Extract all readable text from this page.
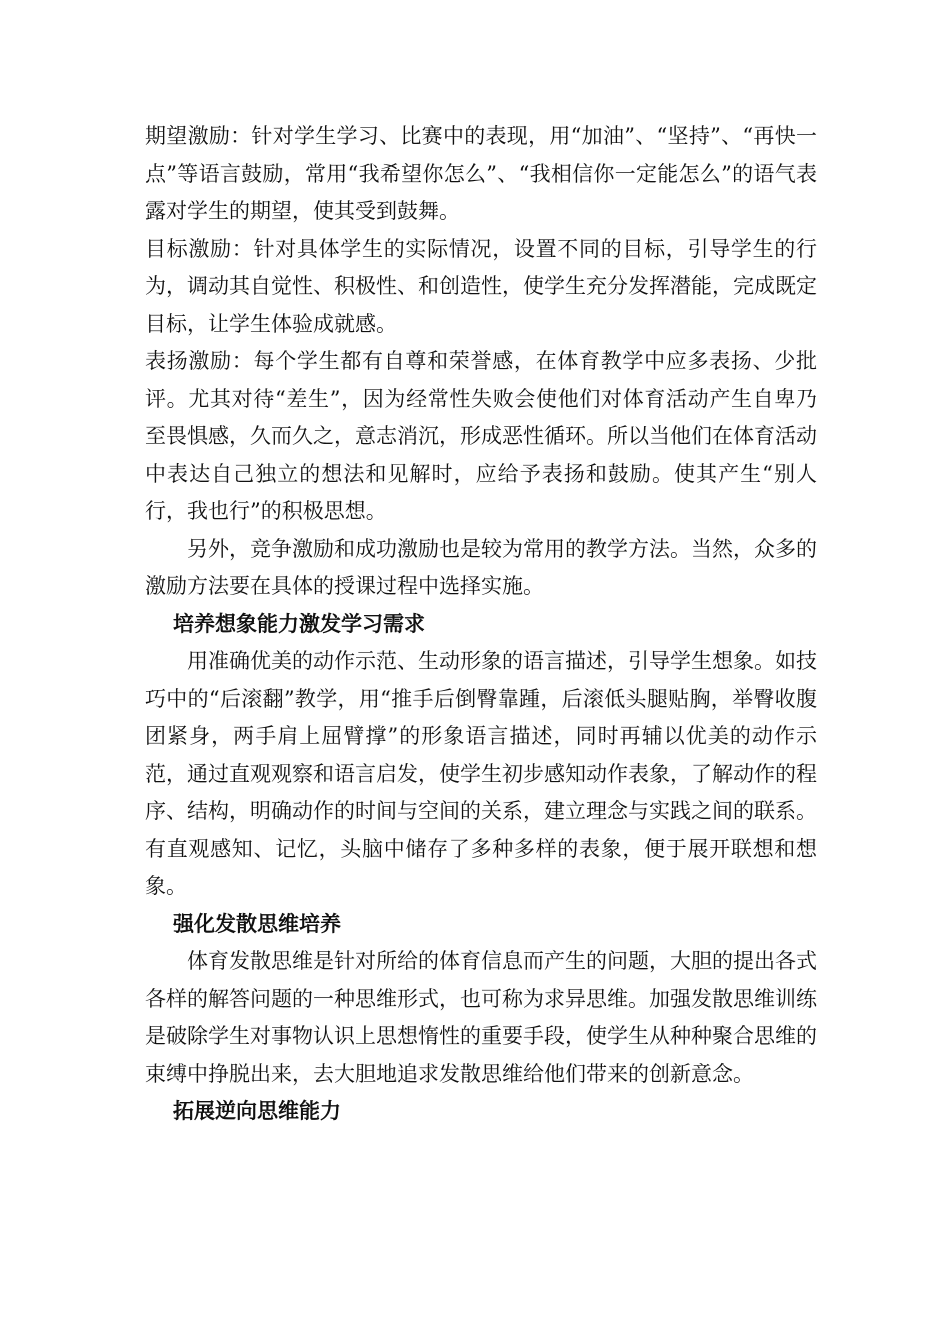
期望激励：针对学生学习、比赛中的表现，用“加油”、“坚持”、“再快一点”等语言鼓励，常用“我希望你怎么”、“我相信你一定能怎么”的语气表露对学生的期望，使其受到鼓舞。

目标激励：针对具体学生的实际情况，设置不同的目标，引导学生的行为，调动其自觉性、积极性、和创造性，使学生充分发挥潜能，完成既定目标，让学生体验成就感。

表扬激励：每个学生都有自尊和荣誉感，在体育教学中应多表扬、少批评。尤其对待“差生”，因为经常性失败会使他们对体育活动产生自卑乃至畏惧感，久而久之，意志消沉，形成恶性循环。所以当他们在体育活动中表达自己独立的想法和见解时，应给予表扬和鼓励。使其产生“别人行，我也行”的积极思想。

另外，竞争激励和成功激励也是较为常用的教学方法。当然，众多的激励方法要在具体的授课过程中选择实施。

培养想象能力激发学习需求

用准确优美的动作示范、生动形象的语言描述，引导学生想象。如技巧中的“后滚翻”教学，用“推手后倒臀靠踵，后滚低头腿贴胸，举臀收腹团紧身，两手肩上屈臂撑”的形象语言描述，同时再辅以优美的动作示范，通过直观观察和语言启发，使学生初步感知动作表象，了解动作的程序、结构，明确动作的时间与空间的关系，建立理念与实践之间的联系。有直观感知、记忆，头脑中储存了多种多样的表象，便于展开联想和想象。

强化发散思维培养

体育发散思维是针对所给的体育信息而产生的问题，大胆的提出各式各样的解答问题的一种思维形式，也可称为求异思维。加强发散思维训练是破除学生对事物认识上思想惰性的重要手段，使学生从种种聚合思维的束缚中挣脱出来，去大胆地追求发散思维给他们带来的创新意念。

拓展逆向思维能力
